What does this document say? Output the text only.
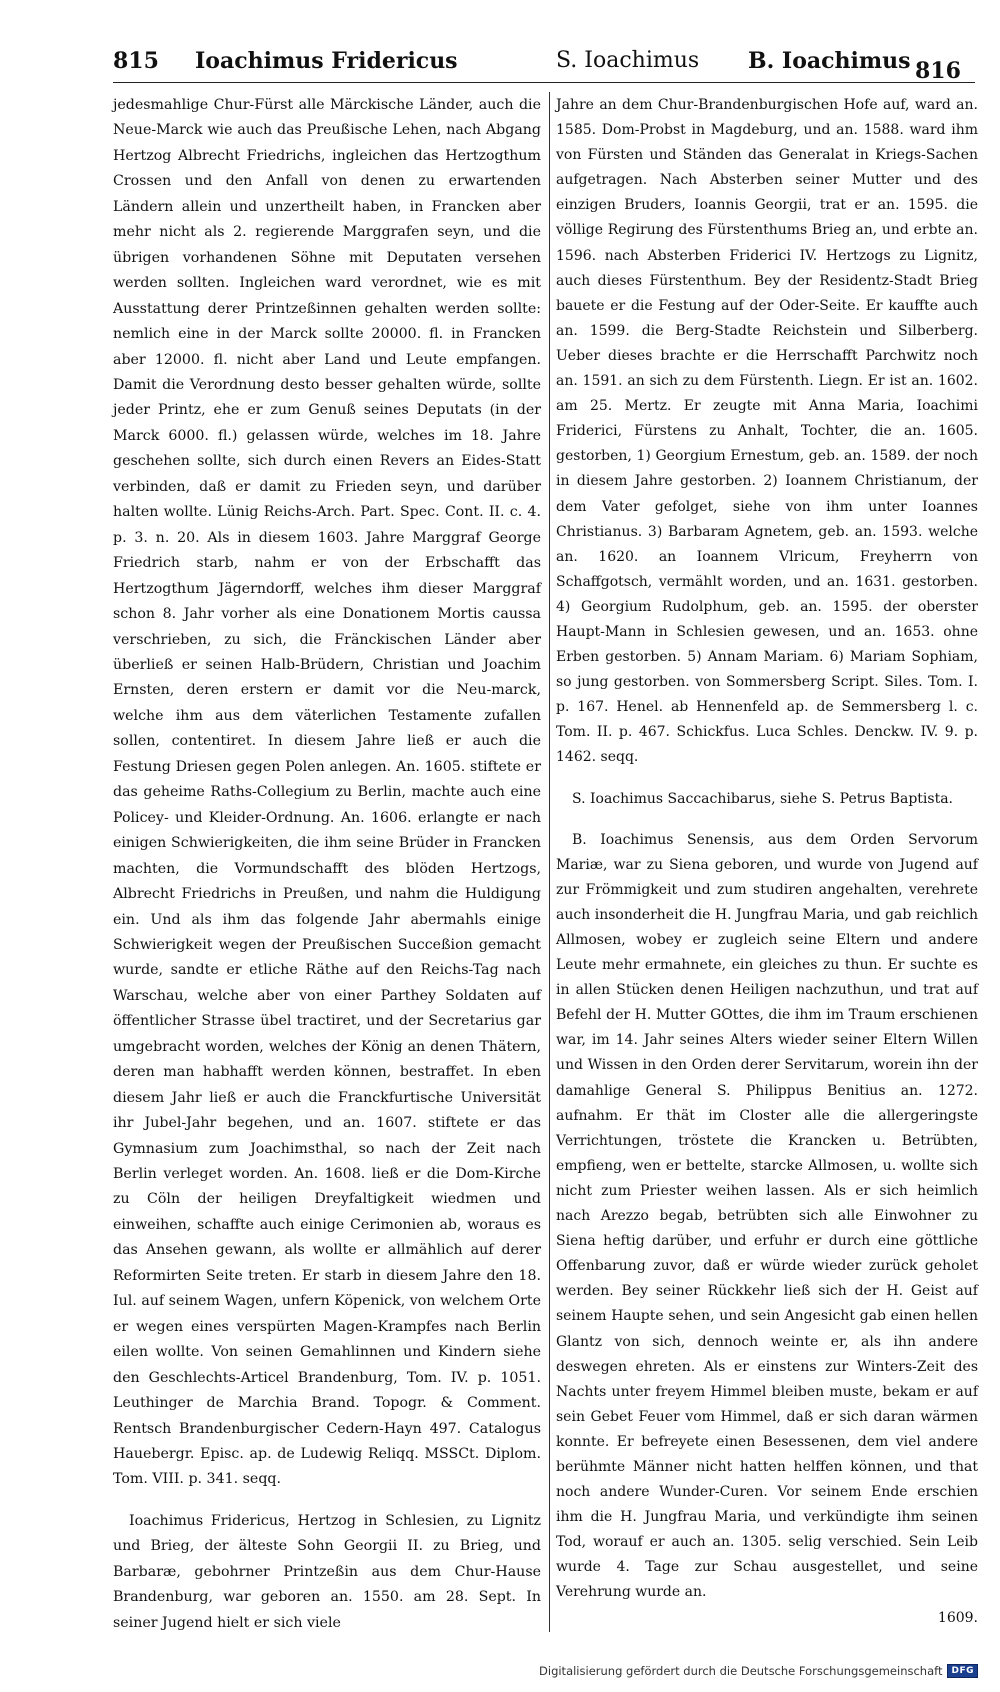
815 Ioachimus Fridericus	S. Ioachimus B. Ioachimus 816

jedesmahlige Chur-Fürst alle Märckische Länder, auch die Neue-Marck wie auch das Preußische Lehen, nach Abgang Hertzog Albrecht Friedrichs, ingleichen das Hertzogthum Crossen und den Anfall von denen zu erwartenden Ländern allein und unzertheilt haben, in Francken aber mehr nicht als 2. regierende Marggrafen seyn, und die übrigen vorhandenen Söhne mit Deputaten versehen werden sollten. Ingleichen ward verordnet, wie es mit Ausstattung derer Printzeßinnen gehalten werden sollte: nemlich eine in der Marck sollte 20000. fl. in Francken aber 12000. fl. nicht aber Land und Leute empfangen. Damit die Verordnung desto besser gehalten würde, sollte jeder Printz, ehe er zum Genuß seines Deputats (in der Marck 6000. fl.) gelassen würde, welches im 18. Jahre geschehen sollte, sich durch einen Revers an Eides-Statt verbinden, daß er damit zu Frieden seyn, und darüber halten wollte. Lünig Reichs-Arch. Part. Spec. Cont. II. c. 4. p. 3. n. 20. Als in diesem 1603. Jahre Marggraf George Friedrich starb, nahm er von der Erbschafft das Hertzogthum Jägerndorff, welches ihm dieser Marggraf schon 8. Jahr vorher als eine Donationem Mortis caussa verschrieben, zu sich, die Fränckischen Länder aber überließ er seinen Halb-Brüdern, Christian und Joachim Ernsten, deren erstern er damit vor die Neu-marck, welche ihm aus dem väterlichen Testamente zufallen sollen, contentiret. In diesem Jahre ließ er auch die Festung Driesen gegen Polen anlegen. An. 1605. stiftete er das geheime Raths-Collegium zu Berlin, machte auch eine Policey- und Kleider-Ordnung. An. 1606. erlangte er nach einigen Schwierigkeiten, die ihm seine Brüder in Francken machten, die Vormundschafft des blöden Hertzogs, Albrecht Friedrichs in Preußen, und nahm die Huldigung ein. Und als ihm das folgende Jahr abermahls einige Schwierigkeit wegen der Preußischen Succeßion gemacht wurde, sandte er etliche Räthe auf den Reichs-Tag nach Warschau, welche aber von einer Parthey Soldaten auf öffentlicher Strasse übel tractiret, und der Secretarius gar umgebracht worden, welches der König an denen Thätern, deren man habhafft werden können, bestraffet. In eben diesem Jahr ließ er auch die Franckfurtische Universität ihr Jubel-Jahr begehen, und an. 1607. stiftete er das Gymnasium zum Joachimsthal, so nach der Zeit nach Berlin verleget worden. An. 1608. ließ er die Dom-Kirche zu Cöln der heiligen Dreyfaltigkeit wiedmen und einweihen, schaffte auch einige Cerimonien ab, woraus es das Ansehen gewann, als wollte er allmählich auf derer Reformirten Seite treten. Er starb in diesem Jahre den 18. Iul. auf seinem Wagen, unfern Köpenick, von welchem Orte er wegen eines verspürten Magen-Krampfes nach Berlin eilen wollte. Von seinen Gemahlinnen und Kindern siehe den Geschlechts-Articel Brandenburg, Tom. IV. p. 1051. Leuthinger de Marchia Brand. Topogr. & Comment. Rentsch Brandenburgischer Cedern-Hayn 497. Catalogus Hauebergr. Episc. ap. de Ludewig Reliqq. MSSCt. Diplom. Tom. VIII. p. 341. seqq.

Ioachimus Fridericus, Hertzog in Schlesien, zu Lignitz und Brieg, der älteste Sohn Georgii II. zu Brieg, und Barbaræ, gebohrner Printzeßin aus dem Chur-Hause Brandenburg, war geboren an. 1550. am 28. Sept. In seiner Jugend hielt er sich viele

Jahre an dem Chur-Brandenburgischen Hofe auf, ward an. 1585. Dom-Probst in Magdeburg, und an. 1588. ward ihm von Fürsten und Ständen das Generalat in Kriegs-Sachen aufgetragen. Nach Absterben seiner Mutter und des einzigen Bruders, Ioannis Georgii, trat er an. 1595. die völlige Regirung des Fürstenthums Brieg an, und erbte an. 1596. nach Absterben Friderici IV. Hertzogs zu Lignitz, auch dieses Fürstenthum. Bey der Residentz-Stadt Brieg bauete er die Festung auf der Oder-Seite. Er kauffte auch an. 1599. die Berg-Stadte Reichstein und Silberberg. Ueber dieses brachte er die Herrschafft Parchwitz noch an. 1591. an sich zu dem Fürstenth. Liegn. Er ist an. 1602. am 25. Mertz. Er zeugte mit Anna Maria, Ioachimi Friderici, Fürstens zu Anhalt, Tochter, die an. 1605. gestorben, 1) Georgium Ernestum, geb. an. 1589. der noch in diesem Jahre gestorben. 2) Ioannem Christianum, der dem Vater gefolget, siehe von ihm unter Ioannes Christianus. 3) Barbaram Agnetem, geb. an. 1593. welche an. 1620. an Ioannem Vlricum, Freyherrn von Schaffgotsch, vermählt worden, und an. 1631. gestorben. 4) Georgium Rudolphum, geb. an. 1595. der oberster Haupt-Mann in Schlesien gewesen, und an. 1653. ohne Erben gestorben. 5) Annam Mariam. 6) Mariam Sophiam, so jung gestorben. von Sommersberg Script. Siles. Tom. I. p. 167. Henel. ab Hennenfeld ap. de Semmersberg l. c. Tom. II. p. 467. Schickfus. Luca Schles. Denckw. IV. 9. p. 1462. seqq.

S. Ioachimus Saccachibarus, siehe S. Petrus Baptista.

B. Ioachimus Senensis, aus dem Orden Servorum Mariæ, war zu Siena geboren, und wurde von Jugend auf zur Frömmigkeit und zum studiren angehalten, verehrete auch insonderheit die H. Jungfrau Maria, und gab reichlich Allmosen, wobey er zugleich seine Eltern und andere Leute mehr ermahnete, ein gleiches zu thun. Er suchte es in allen Stücken denen Heiligen nachzuthun, und trat auf Befehl der H. Mutter GOttes, die ihm im Traum erschienen war, im 14. Jahr seines Alters wieder seiner Eltern Willen und Wissen in den Orden derer Servitarum, worein ihn der damahlige General S. Philippus Benitius an. 1272. aufnahm. Er thät im Closter alle die allergeringste Verrichtungen, tröstete die Krancken u. Betrübten, empfieng, wen er bettelte, starcke Allmosen, u. wollte sich nicht zum Priester weihen lassen. Als er sich heimlich nach Arezzo begab, betrübten sich alle Einwohner zu Siena heftig darüber, und erfuhr er durch eine göttliche Offenbarung zuvor, daß er würde wieder zurück geholet werden. Bey seiner Rückkehr ließ sich der H. Geist auf seinem Haupte sehen, und sein Angesicht gab einen hellen Glantz von sich, dennoch weinte er, als ihn andere deswegen ehreten. Als er einstens zur Winters-Zeit des Nachts unter freyem Himmel bleiben muste, bekam er auf sein Gebet Feuer vom Himmel, daß er sich daran wärmen konnte. Er befreyete einen Besessenen, dem viel andere berühmte Männer nicht hatten helffen können, und that noch andere Wunder-Curen. Vor seinem Ende erschien ihm die H. Jungfrau Maria, und verkündigte ihm seinen Tod, worauf er auch an. 1305. selig verschied. Sein Leib wurde 4. Tage zur Schau ausgestellet, und seine Verehrung wurde an.

1609.
Digitalisierung gefördert durch die Deutsche Forschungsgemeinschaft	DFG
